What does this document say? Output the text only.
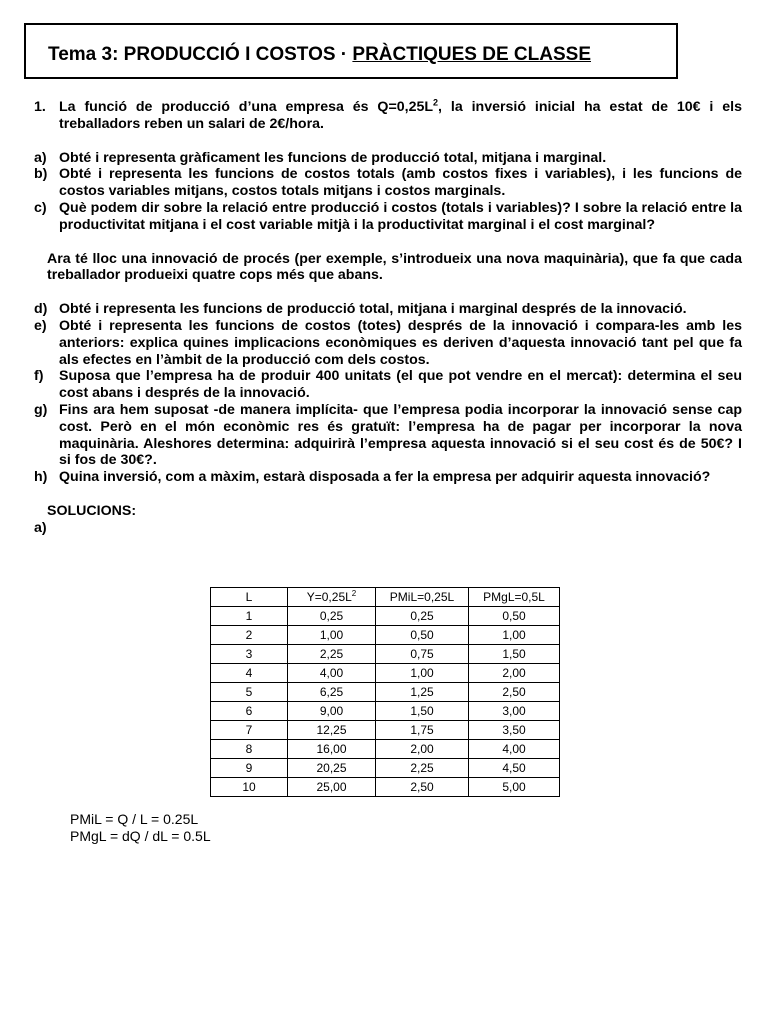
Tema 3: PRODUCCIÓ I COSTOS · PRÀCTIQUES DE CLASSE
1. La funció de producció d’una empresa és $Q=0,25L^2$, la inversió inicial ha estat de 10€ i els treballadors reben un salari de 2€/hora.
a) Obté i representa gràficament les funcions de producció total, mitjana i marginal.
b) Obté i representa les funcions de costos totals (amb costos fixes i variables), i les funcions de costos variables mitjans, costos totals mitjans i costos marginals.
c) Què podem dir sobre la relació entre producció i costos (totals i variables)? I sobre la relació entre la productivitat mitjana i el cost variable mitjà i la productivitat marginal i el cost marginal?
Ara té lloc una innovació de procés (per exemple, s’introdueix una nova maquinària), que fa que cada treballador produeixi quatre cops més que abans.
d) Obté i representa les funcions de producció total, mitjana i marginal després de la innovació.
e) Obté i representa les funcions de costos (totes) després de la innovació i compara-les amb les anteriors: explica quines implicacions econòmiques es deriven d’aquesta innovació tant pel que fa als efectes en l’àmbit de la producció com dels costos.
f)	Suposa que l’empresa ha de produir 400 unitats (el que pot vendre en el mercat): determina el seu cost abans i després de la innovació.
g) Fins ara hem suposat -de manera implícita- que l’empresa podia incorporar la innovació sense cap cost. Però en el món econòmic res és gratuït: l’empresa ha de pagar per incorporar la nova maquinària. Aleshores determina: adquirirà l’empresa aquesta innovació si el seu cost és de 50€? I si fos de 30€?.
h) Quina inversió, com a màxim, estarà disposada a fer la empresa per adquirir aquesta innovació?
SOLUCIONS:
a)
L	$Y=0,25L^2$	PMiL=0,25L	PMgL=0,5L
1	0,25	0,25	0,50
2	1,00	0,50	1,00
3	2,25	0,75	1,50
4	4,00	1,00	2,00
5	6,25	1,25	2,50
6	9,00	1,50	3,00
7	12,25	1,75	3,50
8	16,00	2,00	4,00
9	20,25	2,25	4,50
10	25,00	2,50	5,00
PMiL = Q / L = 0.25L
PMgL = dQ / dL = 0.5L
